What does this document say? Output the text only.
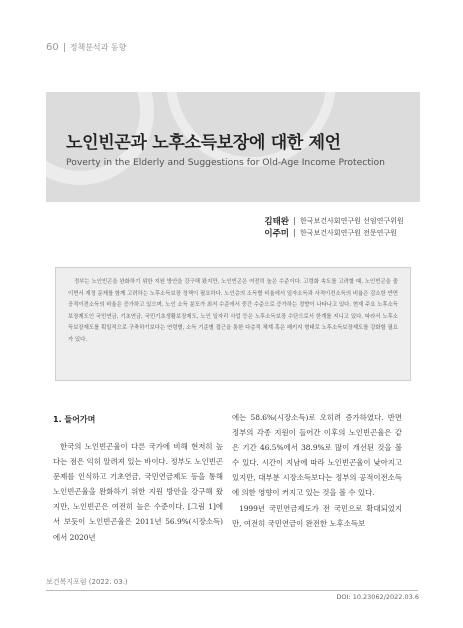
60 정책분석과 동향
노인빈곤과 노후소득보장에 대한 제언
Poverty in the Elderly and Suggestions for Old-Age Income Protection
김태완 한국보건사회연구원 선임연구위원
이주미 한국보건사회연구원 전문연구원

정부는 노인빈곤을 완화하기 위한 지원 방안을 강구해 왔지만, 노인빈곤은 여전히 높은 수준이다. 고령화 속도를 고려할 때, 노인빈곤을 줄이면서 재정 문제를 함께 고려하는 노후소득보장 정책이 필요하다. 노인층의 소득별 비율에서 일자소득과 사적이전소득의 비율은 감소한 반면 공적이전소득의 비율은 증가하고 있으며, 노인 소득 분포가 최저 수준에서 중간 수준으로 증가하는 경향이 나타나고 있다. 현재 주요 노후소득보장제도인 국민연금, 기초연금, 국민기초생활보장제도, 노인 일자리 사업 등은 노후소득보장 수단으로서 한계를 지니고 있다. 따라서 노후소득보장제도를 획일적으로 구축하기보다는 연령별, 소득 기준별 접근을 통한 다층적 체계 혹은 패키지 형태로 노후소득보장제도를 강화할 필요가 있다.

1. 들어가며

한국의 노인빈곤율이 다른 국가에 비해 현저히 높다는 점은 익히 알려져 있는 바이다. 정부도 노인빈곤 문제를 인식하고 기초연금, 국민연금제도 등을 통해 노인빈곤율을 완화하기 위한 지원 방안을 강구해 왔지만, 노인빈곤은 여전히 높은 수준이다. [그림 1]에서 보듯이 노인빈곤율은 2011년 56.9%(시장소득)에서 2020년

에는 58.6%(시장소득)로 오히려 증가하였다. 반면 정부의 각종 지원이 들어간 이후의 노인빈곤율은 같은 기간 46.5%에서 38.9%로 많이 개선된 것을 볼 수 있다. 시간이 지남에 따라 노인빈곤율이 낮아지고 있지만, 대부분 시장소득보다는 정부의 공적이전소득에 의한 영향이 커지고 있는 것을 볼 수 있다.

1999년 국민연금제도가 전 국민으로 확대되었지만, 여전히 국민연금이 완전한 노후소득보

보건복지포럼 (2022. 03.)
DOI: 10.23062/2022.03.6
